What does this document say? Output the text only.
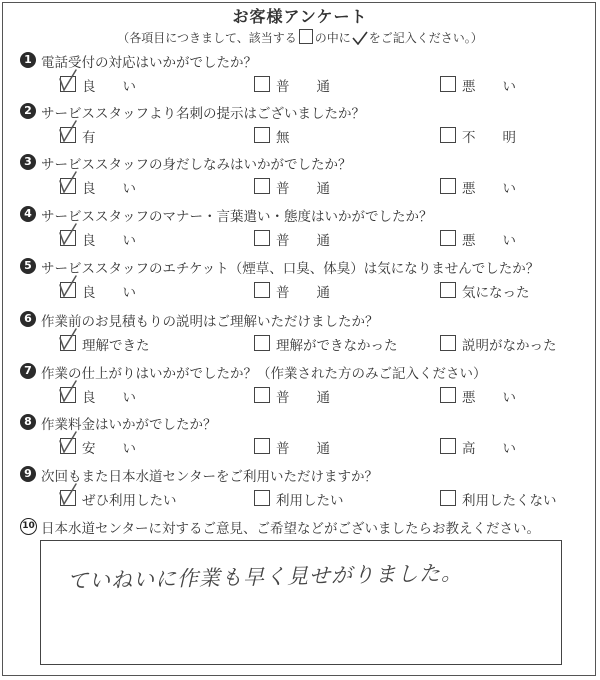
お客様アンケート
（各項目につきまして、該当する の中に をご記入ください。）
1 電話受付の対応はいかがでしたか？
良　　い	普　　通	悪　　い
2 サービススタッフより名刺の提示はございましたか？
有	無	不　　明
3 サービススタッフの身だしなみはいかがでしたか？
良　　い	普　　通	悪　　い
4 サービススタッフのマナー・言葉遣い・態度はいかがでしたか？
良　　い	普　　通	悪　　い
5 サービススタッフのエチケット（煙草、口臭、体臭）は気になりませんでしたか？
良　　い	普　　通	気になった
6 作業前のお見積もりの説明はご理解いただけましたか？
理解できた	理解ができなかった	説明がなかった
7 作業の仕上がりはいかがでしたか？（作業された方のみご記入ください）
良　　い	普　　通	悪　　い
8 作業料金はいかがでしたか？
安　　い	普　　通	高　　い
9 次回もまた日本水道センターをご利用いただけますか？
ぜひ利用したい	利用したい	利用したくない
10 日本水道センターに対するご意見、ご希望などがございましたらお教えください。
ていねいに作業も早く見せがりました。
